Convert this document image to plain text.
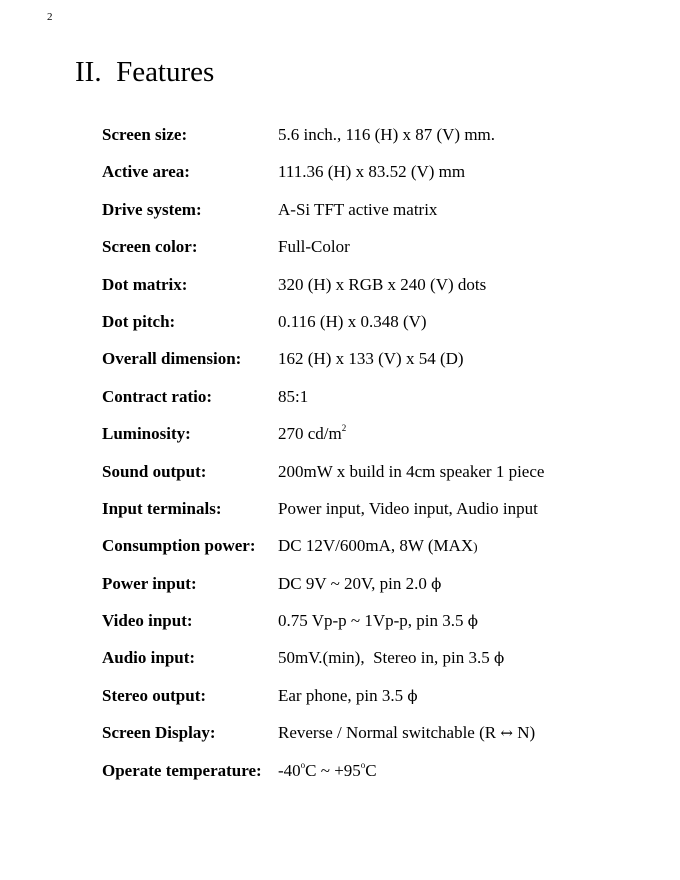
2
II.  Features
Screen size:	5.6 inch., 116 (H) x 87 (V) mm.
Active area:	111.36 (H) x 83.52 (V) mm
Drive system:	A-Si TFT active matrix
Screen color:	Full-Color
Dot matrix:	320 (H) x RGB x 240 (V) dots
Dot pitch:	0.116 (H) x 0.348 (V)
Overall dimension:	162 (H) x 133 (V) x 54 (D)
Contract ratio:	85:1
Luminosity:	270 $cd/m^2$
Sound output:	200mW x build in 4cm speaker 1 piece
Input terminals:	Power input, Video input, Audio input
Consumption power:	DC 12V/600mA, 8W (MAX)
Power input:	DC 9V ~ 20V, pin 2.0 ϕ
Video input:	0.75 Vp-p ~ 1Vp-p, pin 3.5 ϕ
Audio input:	50mV.(min),  Stereo in, pin 3.5 ϕ
Stereo output:	Ear phone, pin 3.5 ϕ
Screen Display:	Reverse / Normal switchable (R ↔ N)
Operate temperature: -40$^o$C ~ $+95^oC$
